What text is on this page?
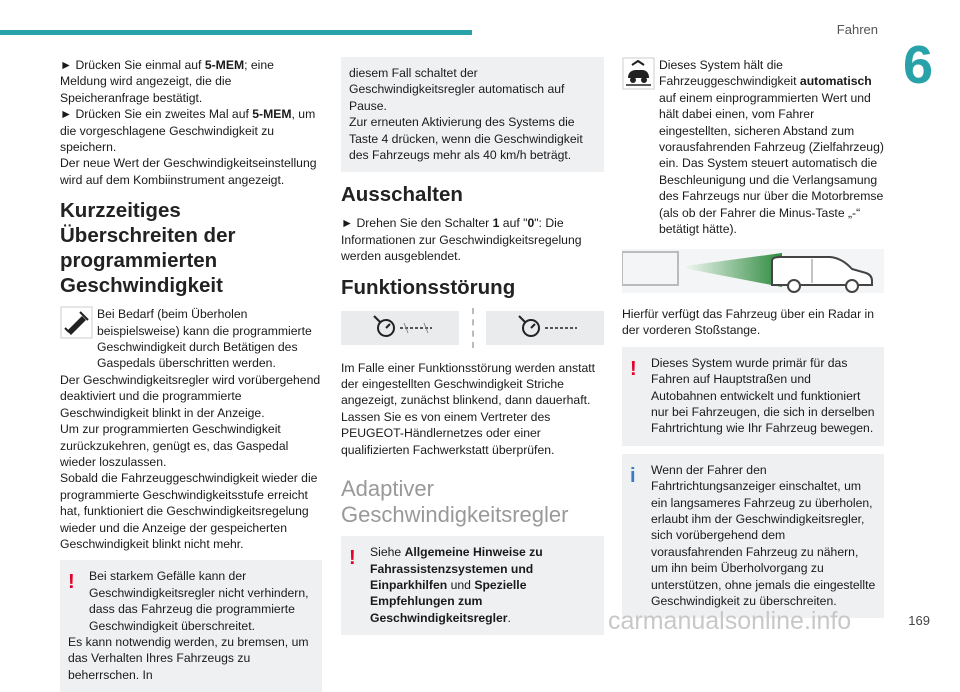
Fahren
6

► Drücken Sie einmal auf 5-MEM; eine Meldung wird angezeigt, die die Speicheranfrage bestätigt.

► Drücken Sie ein zweites Mal auf 5-MEM, um die vorgeschlagene Geschwindigkeit zu speichern.

Der neue Wert der Geschwindigkeitseinstellung wird auf dem Kombiinstrument angezeigt.

Kurzzeitiges Überschreiten der programmierten Geschwindigkeit

Bei Bedarf (beim Überholen beispielsweise) kann die programmierte Geschwindigkeit durch Betätigen des Gaspedals überschritten werden.

Der Geschwindigkeitsregler wird vorübergehend deaktiviert und die programmierte Geschwindigkeit blinkt in der Anzeige.

Um zur programmierten Geschwindigkeit zurückzukehren, genügt es, das Gaspedal wieder loszulassen.

Sobald die Fahrzeuggeschwindigkeit wieder die programmierte Geschwindigkeitsstufe erreicht hat, funktioniert die Geschwindigkeitsregelung wieder und die Anzeige der gespeicherten Geschwindigkeit blinkt nicht mehr.

!	Bei starkem Gefälle kann der Geschwindigkeitsregler nicht verhindern, dass das Fahrzeug die programmierte Geschwindigkeit überschreitet.

Es kann notwendig werden, zu bremsen, um das Verhalten Ihres Fahrzeugs zu beherrschen. In

diesem Fall schaltet der Geschwindigkeitsregler automatisch auf Pause.

Zur erneuten Aktivierung des Systems die Taste 4 drücken, wenn die Geschwindigkeit des Fahrzeugs mehr als 40 km/h beträgt.

Ausschalten

► Drehen Sie den Schalter 1 auf "0": Die Informationen zur Geschwindigkeitsregelung werden ausgeblendet.

Funktionsstörung

Im Falle einer Funktionsstörung werden anstatt der eingestellten Geschwindigkeit Striche angezeigt, zunächst blinkend, dann dauerhaft.

Lassen Sie es von einem Vertreter des PEUGEOT-Händlernetzes oder einer qualifizierten Fachwerkstatt überprüfen.

Adaptiver Geschwindigkeitsregler
!	Siehe Allgemeine Hinweise zu Fahrassistenzsystemen und Einparkhilfen und Spezielle Empfehlungen zum Geschwindigkeitsregler.

Dieses System hält die Fahrzeuggeschwindigkeit automatisch auf einem einprogrammierten Wert und hält dabei einen, vom Fahrer eingestellten, sicheren Abstand zum vorausfahrenden Fahrzeug (Zielfahrzeug) ein. Das System steuert automatisch die Beschleunigung und die Verlangsamung des Fahrzeugs nur über die Motorbremse (als ob der Fahrer die Minus-Taste „-“ betätigt hätte).

Hierfür verfügt das Fahrzeug über ein Radar in der vorderen Stoßstange.

!	Dieses System wurde primär für das Fahren auf Hauptstraßen und Autobahnen entwickelt und funktioniert nur bei Fahrzeugen, die sich in derselben Fahrtrichtung wie Ihr Fahrzeug bewegen.

i	Wenn der Fahrer den Fahrtrichtungsanzeiger einschaltet, um ein langsameres Fahrzeug zu überholen, erlaubt ihm der Geschwindigkeitsregler, sich vorübergehend dem vorausfahrenden Fahrzeug zu nähern, um ihn beim Überholvorgang zu unterstützen, ohne jemals die eingestellte Geschwindigkeit zu überschreiten.

carmanualsonline.info	169
